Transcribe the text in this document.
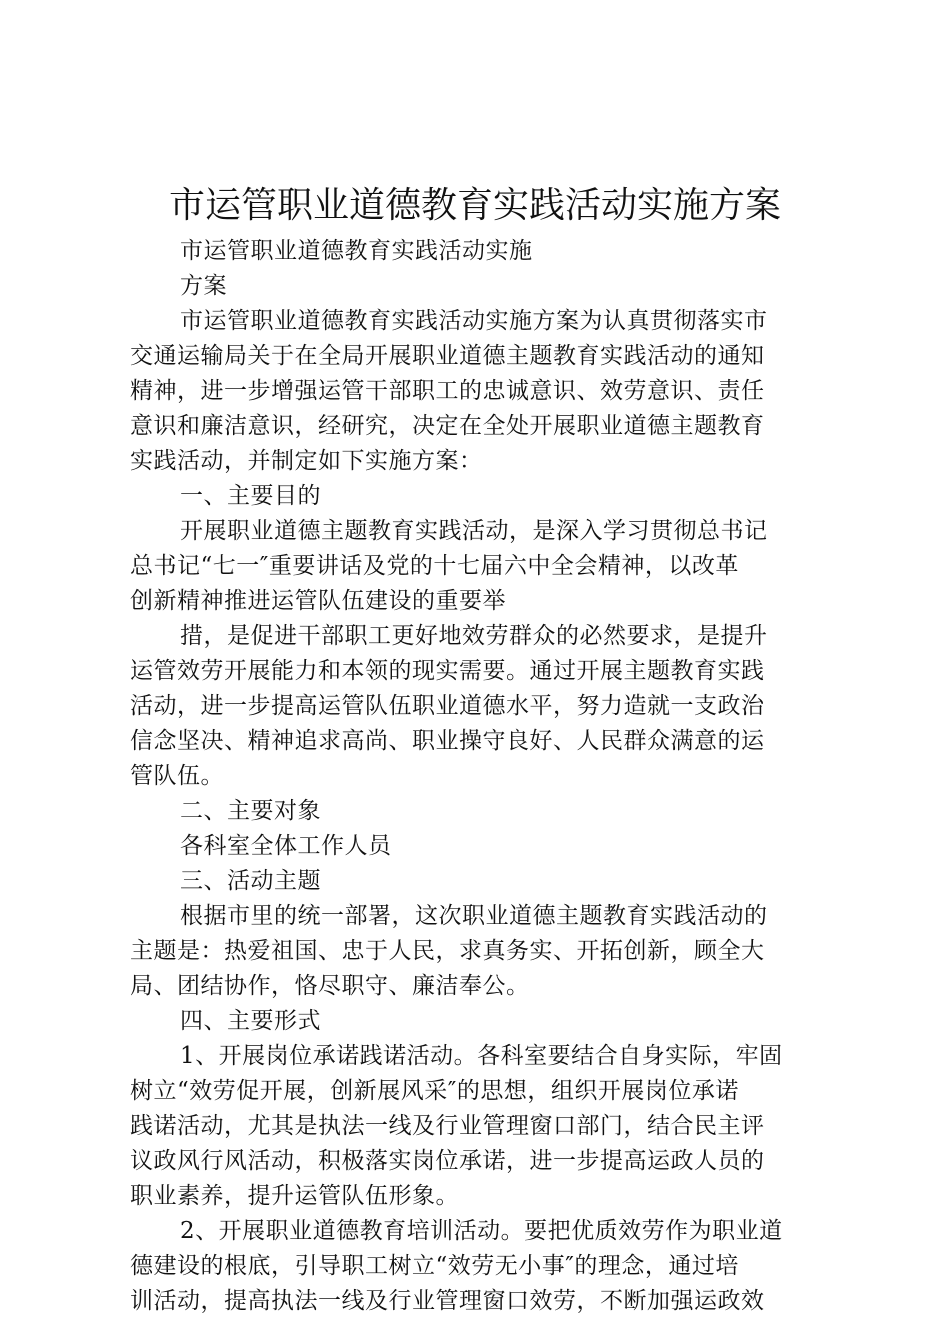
市运管职业道德教育实践活动实施方案
市运管职业道德教育实践活动实施
方案
市运管职业道德教育实践活动实施方案为认真贯彻落实市
交通运输局关于在全局开展职业道德主题教育实践活动的通知
精神，进一步增强运管干部职工的忠诚意识、效劳意识、责任
意识和廉洁意识，经研究，决定在全处开展职业道德主题教育
实践活动，并制定如下实施方案：
一、主要目的
开展职业道德主题教育实践活动，是深入学习贯彻总书记
总书记“七一″重要讲话及党的十七届六中全会精神，以改革
创新精神推进运管队伍建设的重要举
措，是促进干部职工更好地效劳群众的必然要求，是提升
运管效劳开展能力和本领的现实需要。通过开展主题教育实践
活动，进一步提高运管队伍职业道德水平，努力造就一支政治
信念坚决、精神追求高尚、职业操守良好、人民群众满意的运
管队伍。
二、主要对象
各科室全体工作人员
三、活动主题
根据市里的统一部署，这次职业道德主题教育实践活动的
主题是：热爱祖国、忠于人民，求真务实、开拓创新，顾全大
局、团结协作，恪尽职守、廉洁奉公。
四、主要形式
1、开展岗位承诺践诺活动。各科室要结合自身实际，牢固
树立“效劳促开展，创新展风采″的思想，组织开展岗位承诺
践诺活动，尤其是执法一线及行业管理窗口部门，结合民主评
议政风行风活动，积极落实岗位承诺，进一步提高运政人员的
职业素养，提升运管队伍形象。
2、开展职业道德教育培训活动。要把优质效劳作为职业道
德建设的根底，引导职工树立“效劳无小事″的理念，通过培
训活动，提高执法一线及行业管理窗口效劳，不断加强运政效
